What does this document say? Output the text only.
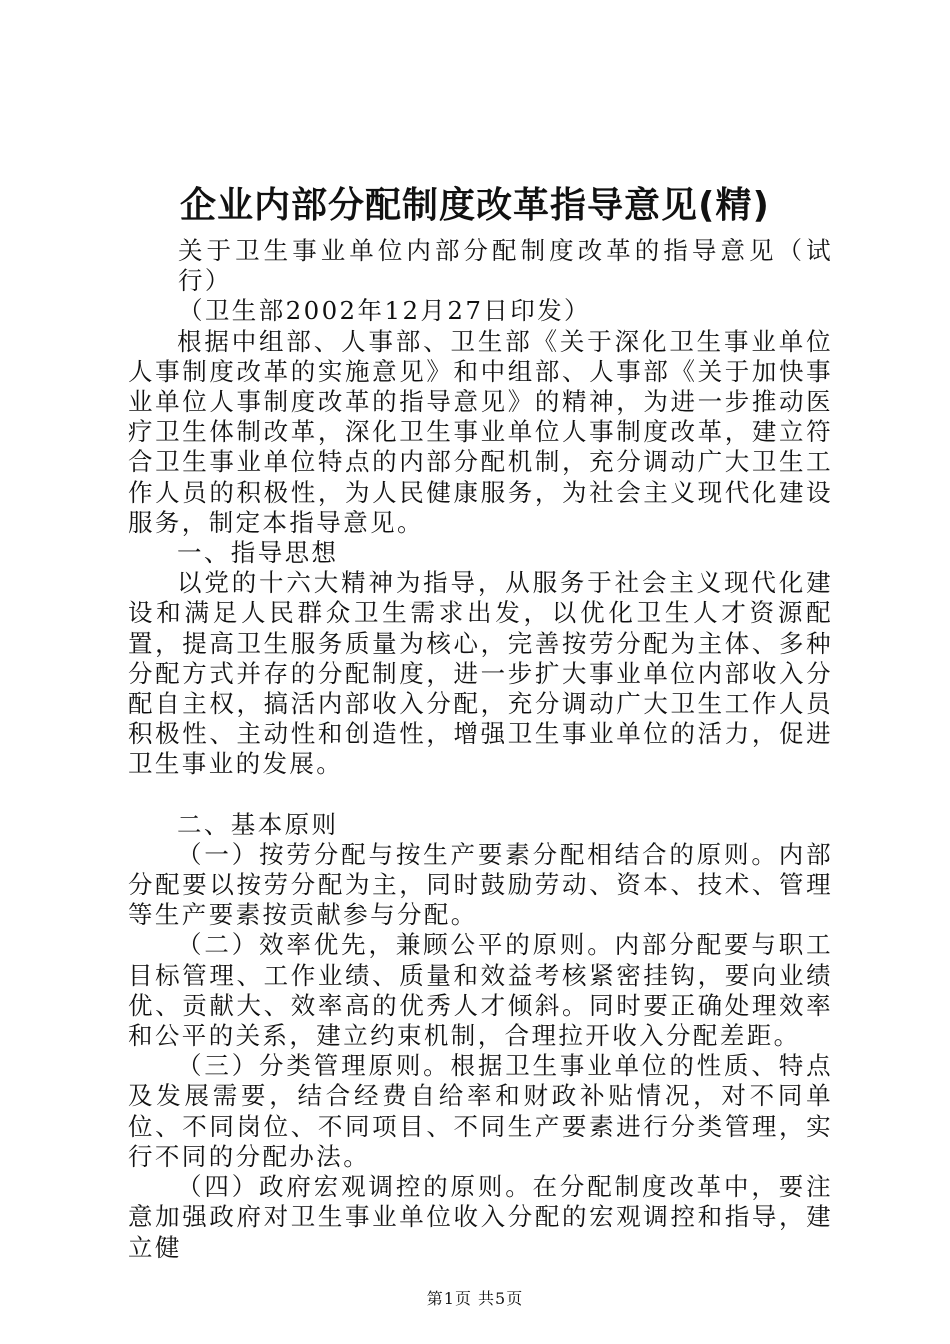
企业内部分配制度改革指导意见(精)

关于卫生事业单位内部分配制度改革的指导意见（试行）

（卫生部2002年12月27日印发）

根据中组部、人事部、卫生部《关于深化卫生事业单位人事制度改革的实施意见》和中组部、人事部《关于加快事业单位人事制度改革的指导意见》的精神，为进一步推动医疗卫生体制改革，深化卫生事业单位人事制度改革，建立符合卫生事业单位特点的内部分配机制，充分调动广大卫生工作人员的积极性，为人民健康服务，为社会主义现代化建设服务，制定本指导意见。

一、指导思想

以党的十六大精神为指导，从服务于社会主义现代化建设和满足人民群众卫生需求出发，以优化卫生人才资源配置，提高卫生服务质量为核心，完善按劳分配为主体、多种分配方式并存的分配制度，进一步扩大事业单位内部收入分配自主权，搞活内部收入分配，充分调动广大卫生工作人员积极性、主动性和创造性，增强卫生事业单位的活力，促进卫生事业的发展。

二、基本原则

（一）按劳分配与按生产要素分配相结合的原则。内部分配要以按劳分配为主，同时鼓励劳动、资本、技术、管理等生产要素按贡献参与分配。

（二）效率优先，兼顾公平的原则。内部分配要与职工目标管理、工作业绩、质量和效益考核紧密挂钩，要向业绩优、贡献大、效率高的优秀人才倾斜。同时要正确处理效率和公平的关系，建立约束机制，合理拉开收入分配差距。

（三）分类管理原则。根据卫生事业单位的性质、特点及发展需要，结合经费自给率和财政补贴情况，对不同单位、不同岗位、不同项目、不同生产要素进行分类管理，实行不同的分配办法。

（四）政府宏观调控的原则。在分配制度改革中，要注意加强政府对卫生事业单位收入分配的宏观调控和指导，建立健

第1页 共5页
